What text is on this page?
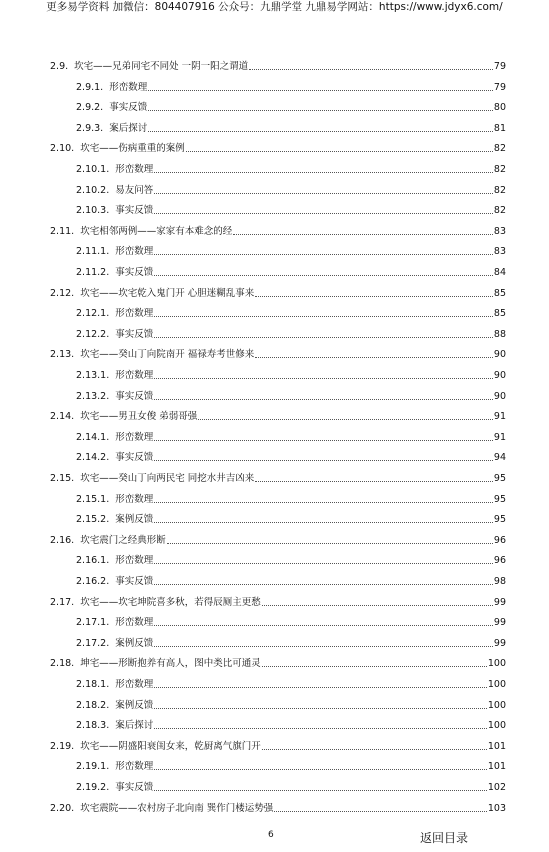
更多易学资料 加微信：804407916 公众号：九鼎学堂 九鼎易学网站：https://www.jdyx6.com/
2.9. 坎宅——兄弟同宅不同处 一阴一阳之谓道	79
2.9.1. 形峦数理	79
2.9.2. 事实反馈	80
2.9.3. 案后探讨	81
2.10. 坎宅——伤病重重的案例	82
2.10.1. 形峦数理	82
2.10.2. 易友问答	82
2.10.3. 事实反馈	82
2.11. 坎宅相邻两例——家家有本难念的经	83
2.11.1. 形峦数理	83
2.11.2. 事实反馈	84
2.12. 坎宅——坎宅乾入鬼门开 心胆迷糊乱事来	85
2.12.1. 形峦数理	85
2.12.2. 事实反馈	88
2.13. 坎宅——癸山丁向院南开 福禄寿考世修来	90
2.13.1. 形峦数理	90
2.13.2. 事实反馈	90
2.14. 坎宅——男丑女俊 弟弱哥强	91
2.14.1. 形峦数理	91
2.14.2. 事实反馈	94
2.15. 坎宅——癸山丁向两民宅 同挖水井吉凶来	95
2.15.1. 形峦数理	95
2.15.2. 案例反馈	95
2.16. 坎宅震门之经典形断	96
2.16.1. 形峦数理	96
2.16.2. 事实反馈	98
2.17. 坎宅——坎宅坤院喜多秋，若得辰厕主更愁	99
2.17.1. 形峦数理	99
2.17.2. 案例反馈	99
2.18. 坤宅——形断抱养有高人，图中类比可通灵	100
2.18.1. 形峦数理	100
2.18.2. 案例反馈	100
2.18.3. 案后探讨	100
2.19. 坎宅——阴盛阳衰闺女来，乾厨离气旗门开	101
2.19.1. 形峦数理	101
2.19.2. 事实反馈	102
2.20. 坎宅震院——农村房子北向南 巽作门楼运势强	103
6	返回目录
